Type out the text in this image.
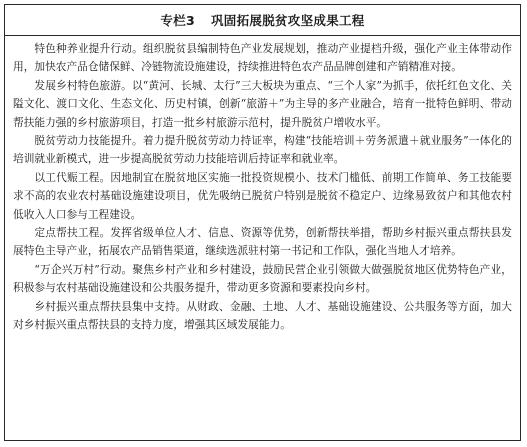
专栏3 巩固拓展脱贫攻坚成果工程

特色种养业提升行动。组织脱贫县编制特色产业发展规划，推动产业提档升级，强化产业主体带动作用，加快农产品仓储保鲜、冷链物流设施建设，持续推进特色农产品品牌创建和产销精准对接。

发展乡村特色旅游。以“黄河、长城、太行”三大板块为重点、“三个人家”为抓手，依托红色文化、关隘文化、渡口文化、生态文化、历史村镇，创新“旅游＋”为主导的多产业融合，培育一批特色鲜明、带动帮扶能力强的乡村旅游项目，打造一批乡村旅游示范村，提升脱贫户增收水平。

脱贫劳动力技能提升。着力提升脱贫劳动力持证率，构建“技能培训＋劳务派遣＋就业服务”一体化的培训就业新模式，进一步提高脱贫劳动力技能培训后持证率和就业率。

以工代赈工程。因地制宜在脱贫地区实施一批投资规模小、技术门槛低、前期工作简单、务工技能要求不高的农业农村基础设施建设项目，优先吸纳已脱贫户特别是脱贫不稳定户、边缘易致贫户和其他农村低收入人口参与工程建设。

定点帮扶工程。发挥省级单位人才、信息、资源等优势，创新帮扶举措，帮助乡村振兴重点帮扶县发展特色主导产业，拓展农产品销售渠道，继续选派驻村第一书记和工作队，强化当地人才培养。

“万企兴万村”行动。聚焦乡村产业和乡村建设，鼓励民营企业引领做大做强脱贫地区优势特色产业，积极参与农村基础设施建设和公共服务提升，带动更多资源和要素投向乡村。

乡村振兴重点帮扶县集中支持。从财政、金融、土地、人才、基础设施建设、公共服务等方面，加大对乡村振兴重点帮扶县的支持力度，增强其区域发展能力。
